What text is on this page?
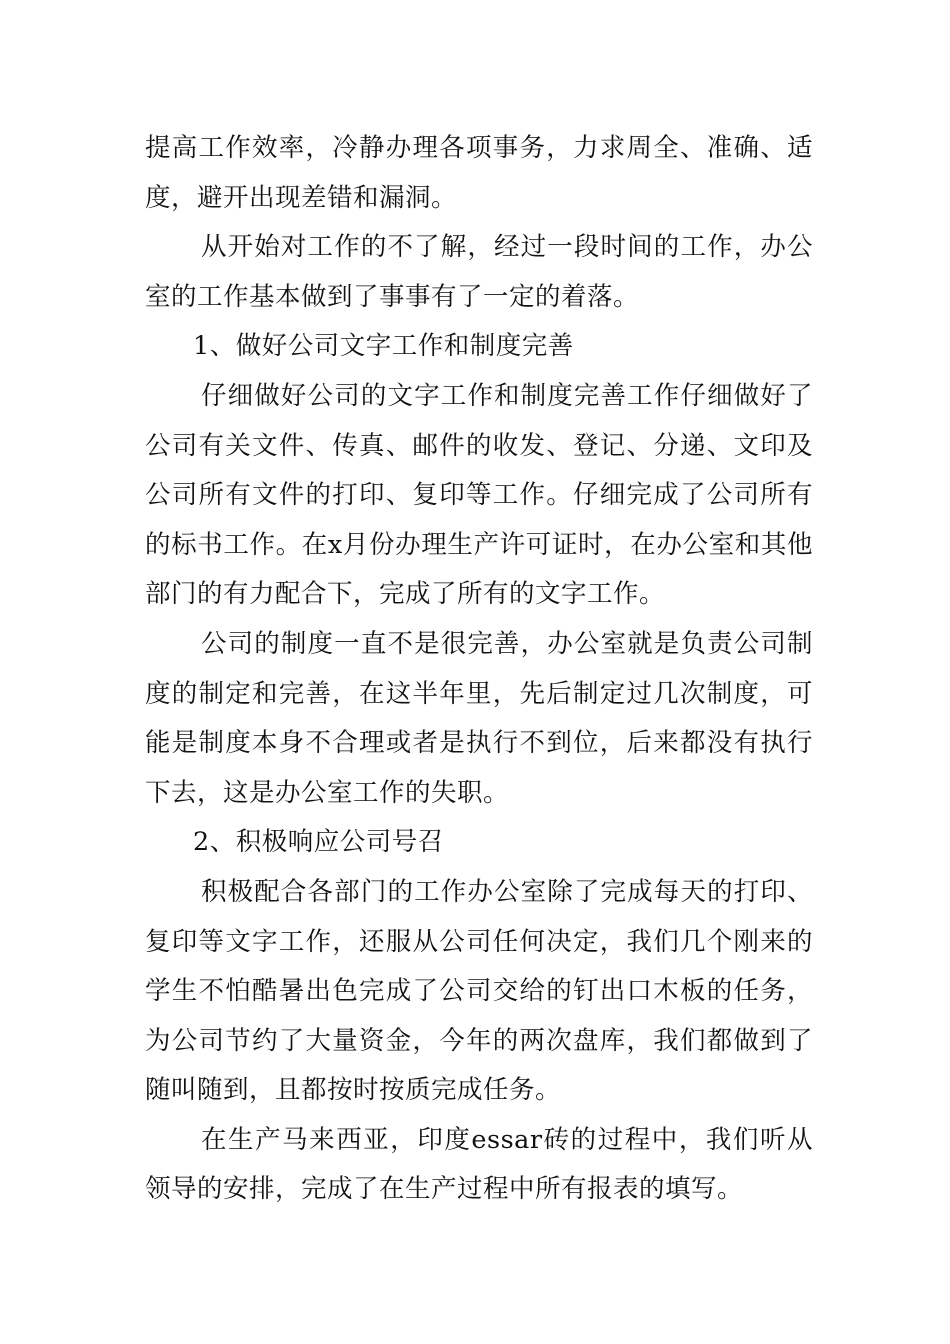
提高工作效率，冷静办理各项事务，力求周全、准确、适度，避开出现差错和漏洞。

从开始对工作的不了解，经过一段时间的工作，办公室的工作基本做到了事事有了一定的着落。

1、做好公司文字工作和制度完善

仔细做好公司的文字工作和制度完善工作仔细做好了公司有关文件、传真、邮件的收发、登记、分递、文印及公司所有文件的打印、复印等工作。仔细完成了公司所有的标书工作。在x月份办理生产许可证时，在办公室和其他部门的有力配合下，完成了所有的文字工作。

公司的制度一直不是很完善，办公室就是负责公司制度的制定和完善，在这半年里，先后制定过几次制度，可能是制度本身不合理或者是执行不到位，后来都没有执行下去，这是办公室工作的失职。

2、积极响应公司号召

积极配合各部门的工作办公室除了完成每天的打印、复印等文字工作，还服从公司任何决定，我们几个刚来的学生不怕酷暑出色完成了公司交给的钉出口木板的任务，为公司节约了大量资金，今年的两次盘库，我们都做到了随叫随到，且都按时按质完成任务。

在生产马来西亚，印度essar砖的过程中，我们听从领导的安排，完成了在生产过程中所有报表的填写。
